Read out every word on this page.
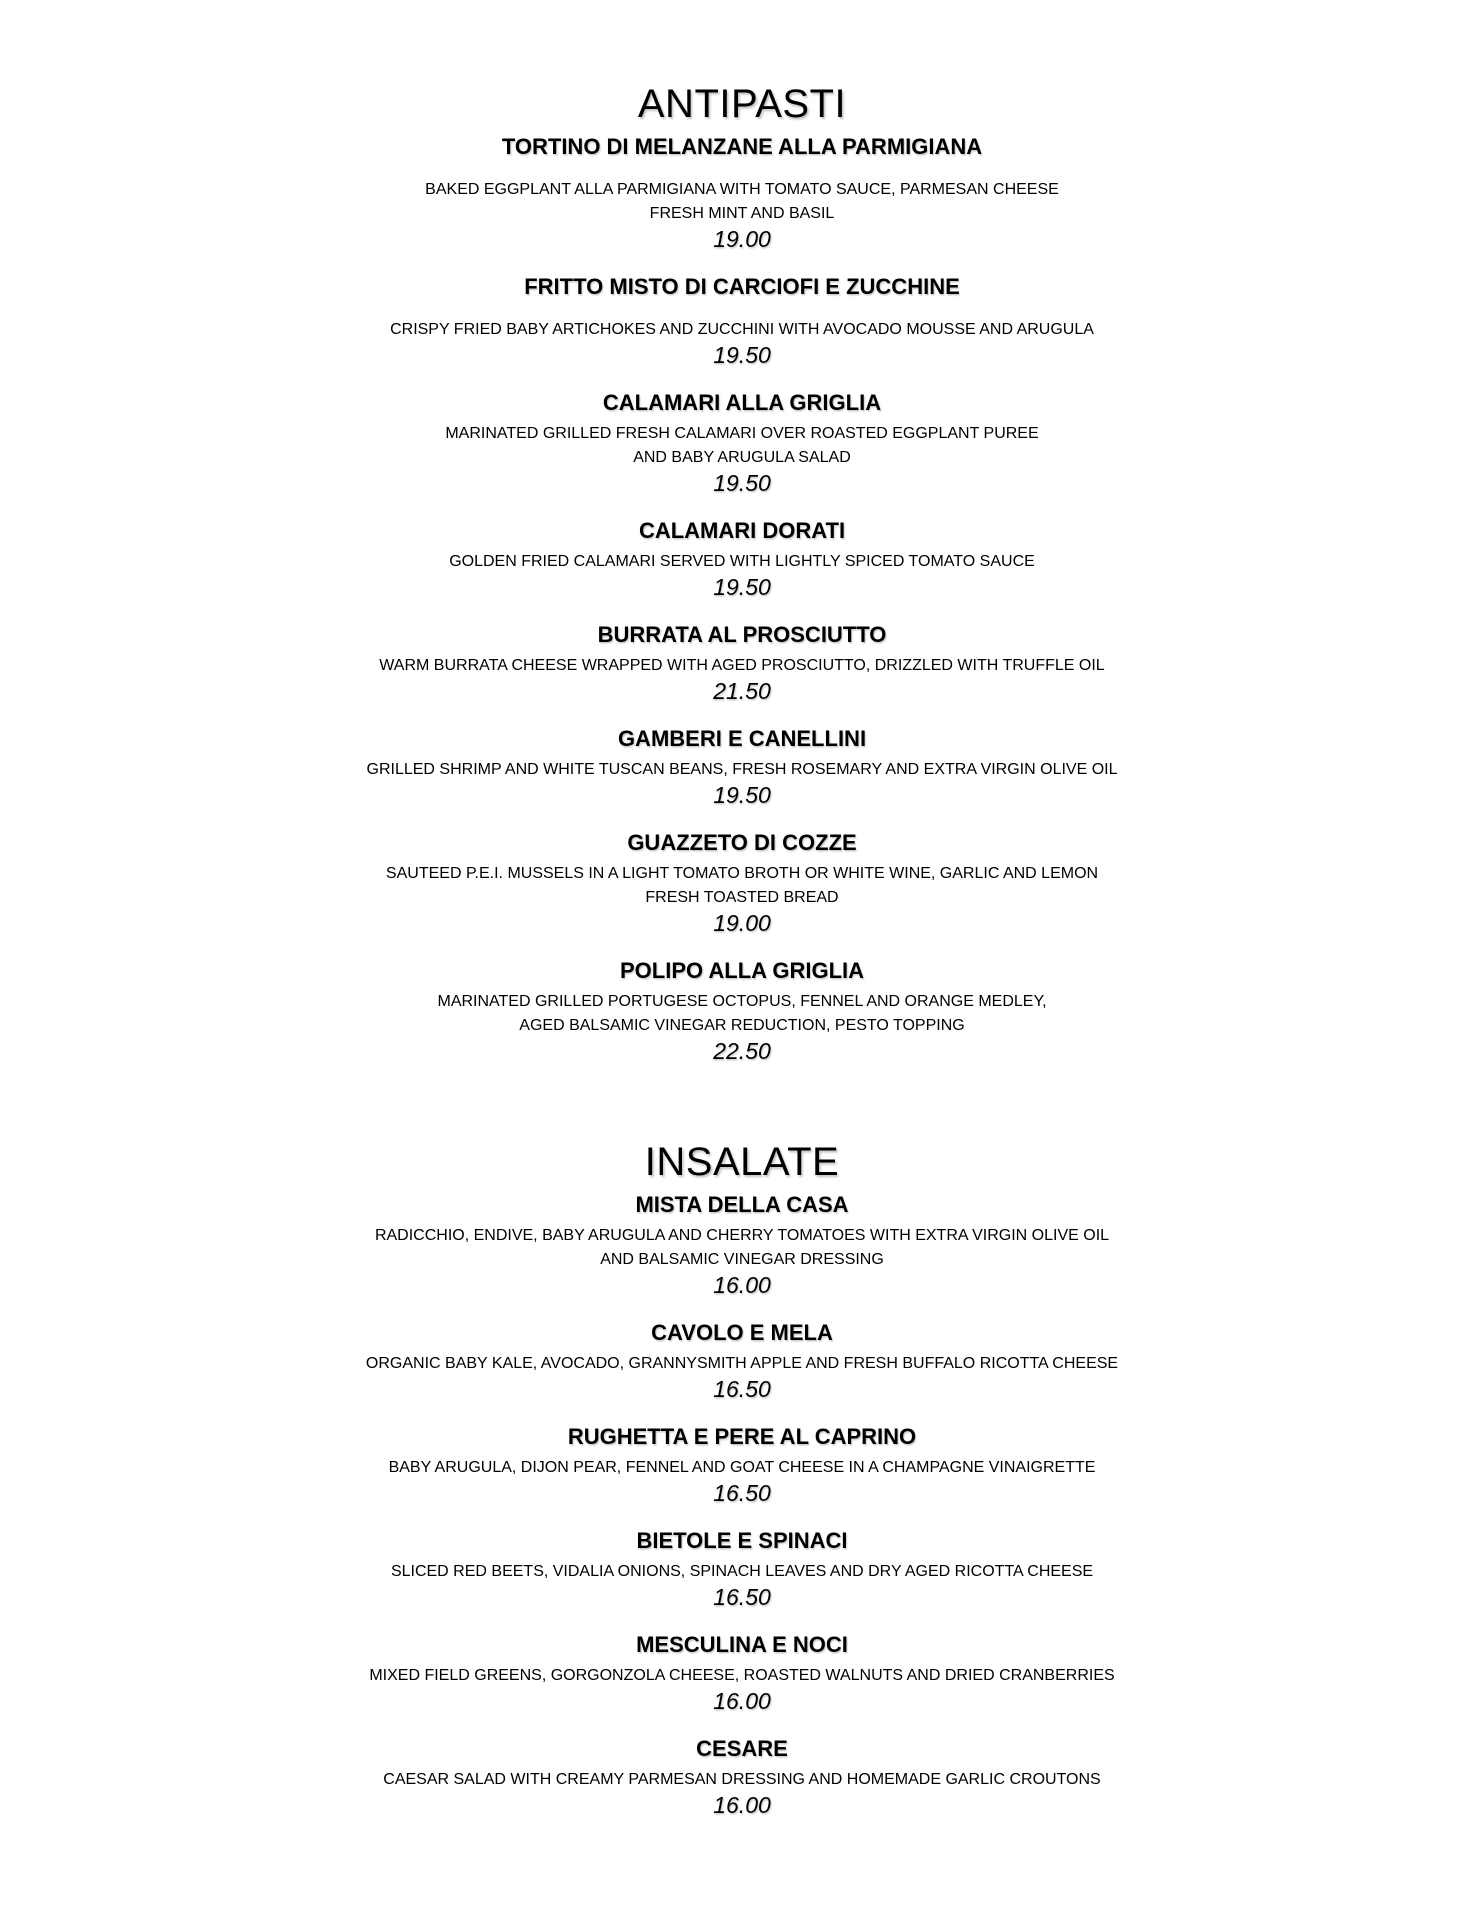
ANTIPASTI
TORTINO DI MELANZANE ALLA PARMIGIANA
BAKED EGGPLANT ALLA PARMIGIANA WITH TOMATO SAUCE, PARMESAN CHEESE
FRESH MINT AND BASIL
19.00
FRITTO MISTO DI CARCIOFI E ZUCCHINE
CRISPY FRIED BABY ARTICHOKES AND ZUCCHINI WITH AVOCADO MOUSSE AND ARUGULA
19.50
CALAMARI ALLA GRIGLIA
MARINATED GRILLED FRESH CALAMARI OVER ROASTED EGGPLANT PUREE
AND BABY ARUGULA SALAD
19.50
CALAMARI DORATI
GOLDEN FRIED CALAMARI SERVED WITH LIGHTLY SPICED TOMATO SAUCE
19.50
BURRATA AL PROSCIUTTO
WARM BURRATA CHEESE WRAPPED WITH AGED PROSCIUTTO, DRIZZLED WITH TRUFFLE OIL
21.50
GAMBERI E CANELLINI
GRILLED SHRIMP AND WHITE TUSCAN BEANS, FRESH ROSEMARY AND EXTRA VIRGIN OLIVE OIL
19.50
GUAZZETO DI COZZE
SAUTEED P.E.I. MUSSELS IN A LIGHT TOMATO BROTH OR WHITE WINE, GARLIC AND LEMON
FRESH TOASTED BREAD
19.00
POLIPO ALLA GRIGLIA
MARINATED GRILLED PORTUGESE OCTOPUS, FENNEL AND ORANGE MEDLEY,
AGED BALSAMIC VINEGAR REDUCTION, PESTO TOPPING
22.50
INSALATE
MISTA DELLA CASA
RADICCHIO, ENDIVE, BABY ARUGULA AND CHERRY TOMATOES WITH EXTRA VIRGIN OLIVE OIL
AND BALSAMIC VINEGAR DRESSING
16.00
CAVOLO E MELA
ORGANIC BABY KALE, AVOCADO, GRANNYSMITH APPLE AND FRESH BUFFALO RICOTTA CHEESE
16.50
RUGHETTA E PERE AL CAPRINO
BABY ARUGULA, DIJON PEAR, FENNEL AND GOAT CHEESE IN A CHAMPAGNE VINAIGRETTE
16.50
BIETOLE E SPINACI
SLICED RED BEETS, VIDALIA ONIONS, SPINACH LEAVES AND DRY AGED RICOTTA CHEESE
16.50
MESCULINA E NOCI
MIXED FIELD GREENS, GORGONZOLA CHEESE, ROASTED WALNUTS AND DRIED CRANBERRIES
16.00
CESARE
CAESAR SALAD WITH CREAMY PARMESAN DRESSING AND HOMEMADE GARLIC CROUTONS
16.00
